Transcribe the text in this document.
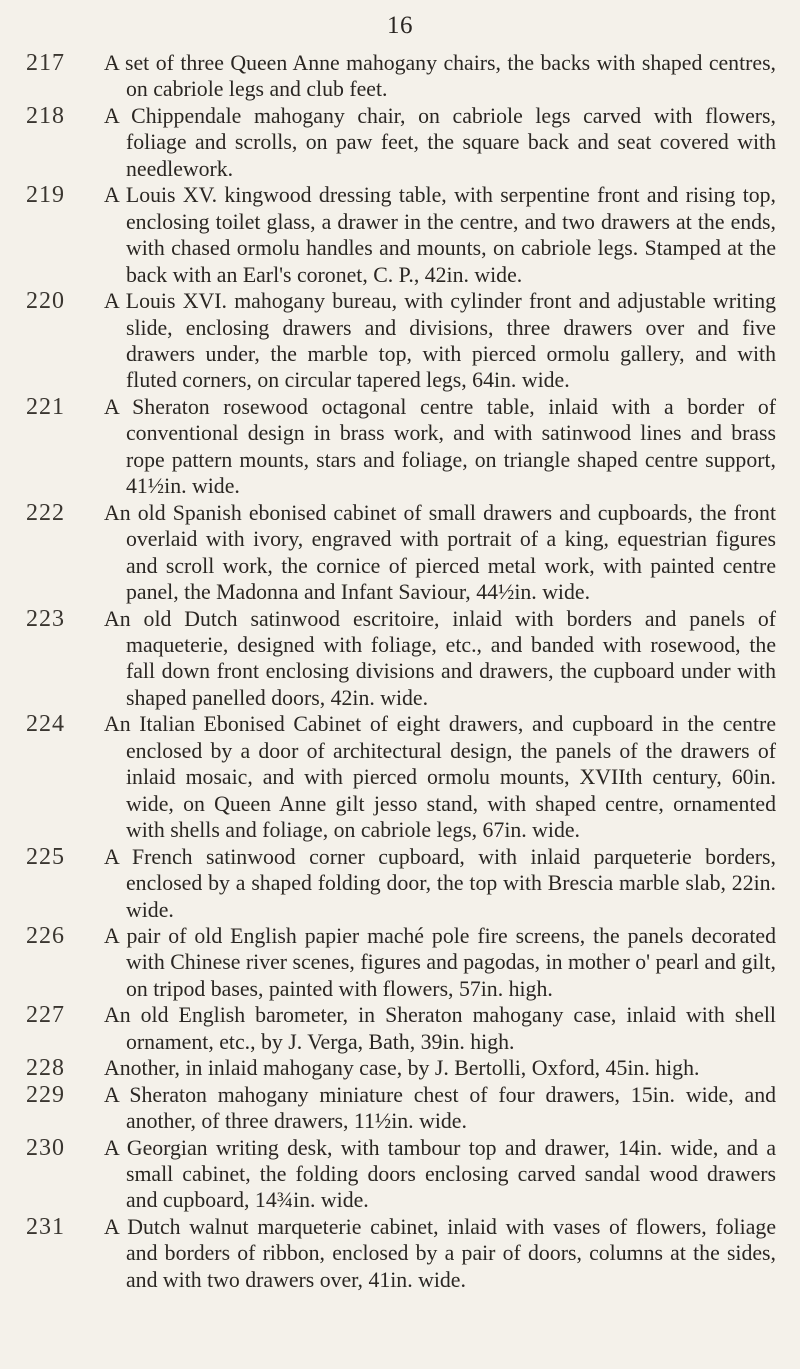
16
217	A set of three Queen Anne mahogany chairs, the backs with shaped centres, on cabriole legs and club feet.
218	A Chippendale mahogany chair, on cabriole legs carved with flowers, foliage and scrolls, on paw feet, the square back and seat covered with needlework.
219	A Louis XV. kingwood dressing table, with serpentine front and rising top, enclosing toilet glass, a drawer in the centre, and two drawers at the ends, with chased ormolu handles and mounts, on cabriole legs. Stamped at the back with an Earl's coronet, C. P., 42in. wide.
220	A Louis XVI. mahogany bureau, with cylinder front and adjustable writing slide, enclosing drawers and divisions, three drawers over and five drawers under, the marble top, with pierced ormolu gallery, and with fluted corners, on circular tapered legs, 64in. wide.
221	A Sheraton rosewood octagonal centre table, inlaid with a border of conventional design in brass work, and with satinwood lines and brass rope pattern mounts, stars and foliage, on triangle shaped centre support, 41½in. wide.
222	An old Spanish ebonised cabinet of small drawers and cupboards, the front overlaid with ivory, engraved with portrait of a king, equestrian figures and scroll work, the cornice of pierced metal work, with painted centre panel, the Madonna and Infant Saviour, 44½in. wide.
223	An old Dutch satinwood escritoire, inlaid with borders and panels of maqueterie, designed with foliage, etc., and banded with rosewood, the fall down front enclosing divisions and drawers, the cupboard under with shaped panelled doors, 42in. wide.
224	An Italian Ebonised Cabinet of eight drawers, and cupboard in the centre enclosed by a door of architectural design, the panels of the drawers of inlaid mosaic, and with pierced ormolu mounts, XVIIth century, 60in. wide, on Queen Anne gilt jesso stand, with shaped centre, ornamented with shells and foliage, on cabriole legs, 67in. wide.
225	A French satinwood corner cupboard, with inlaid parqueterie borders, enclosed by a shaped folding door, the top with Brescia marble slab, 22in. wide.
226	A pair of old English papier maché pole fire screens, the panels decorated with Chinese river scenes, figures and pagodas, in mother o' pearl and gilt, on tripod bases, painted with flowers, 57in. high.
227	An old English barometer, in Sheraton mahogany case, inlaid with shell ornament, etc., by J. Verga, Bath, 39in. high.
228	Another, in inlaid mahogany case, by J. Bertolli, Oxford, 45in. high.
229	A Sheraton mahogany miniature chest of four drawers, 15in. wide, and another, of three drawers, 11½in. wide.
230	A Georgian writing desk, with tambour top and drawer, 14in. wide, and a small cabinet, the folding doors enclosing carved sandal wood drawers and cupboard, 14¾in. wide.
231	A Dutch walnut marqueterie cabinet, inlaid with vases of flowers, foliage and borders of ribbon, enclosed by a pair of doors, columns at the sides, and with two drawers over, 41in. wide.
